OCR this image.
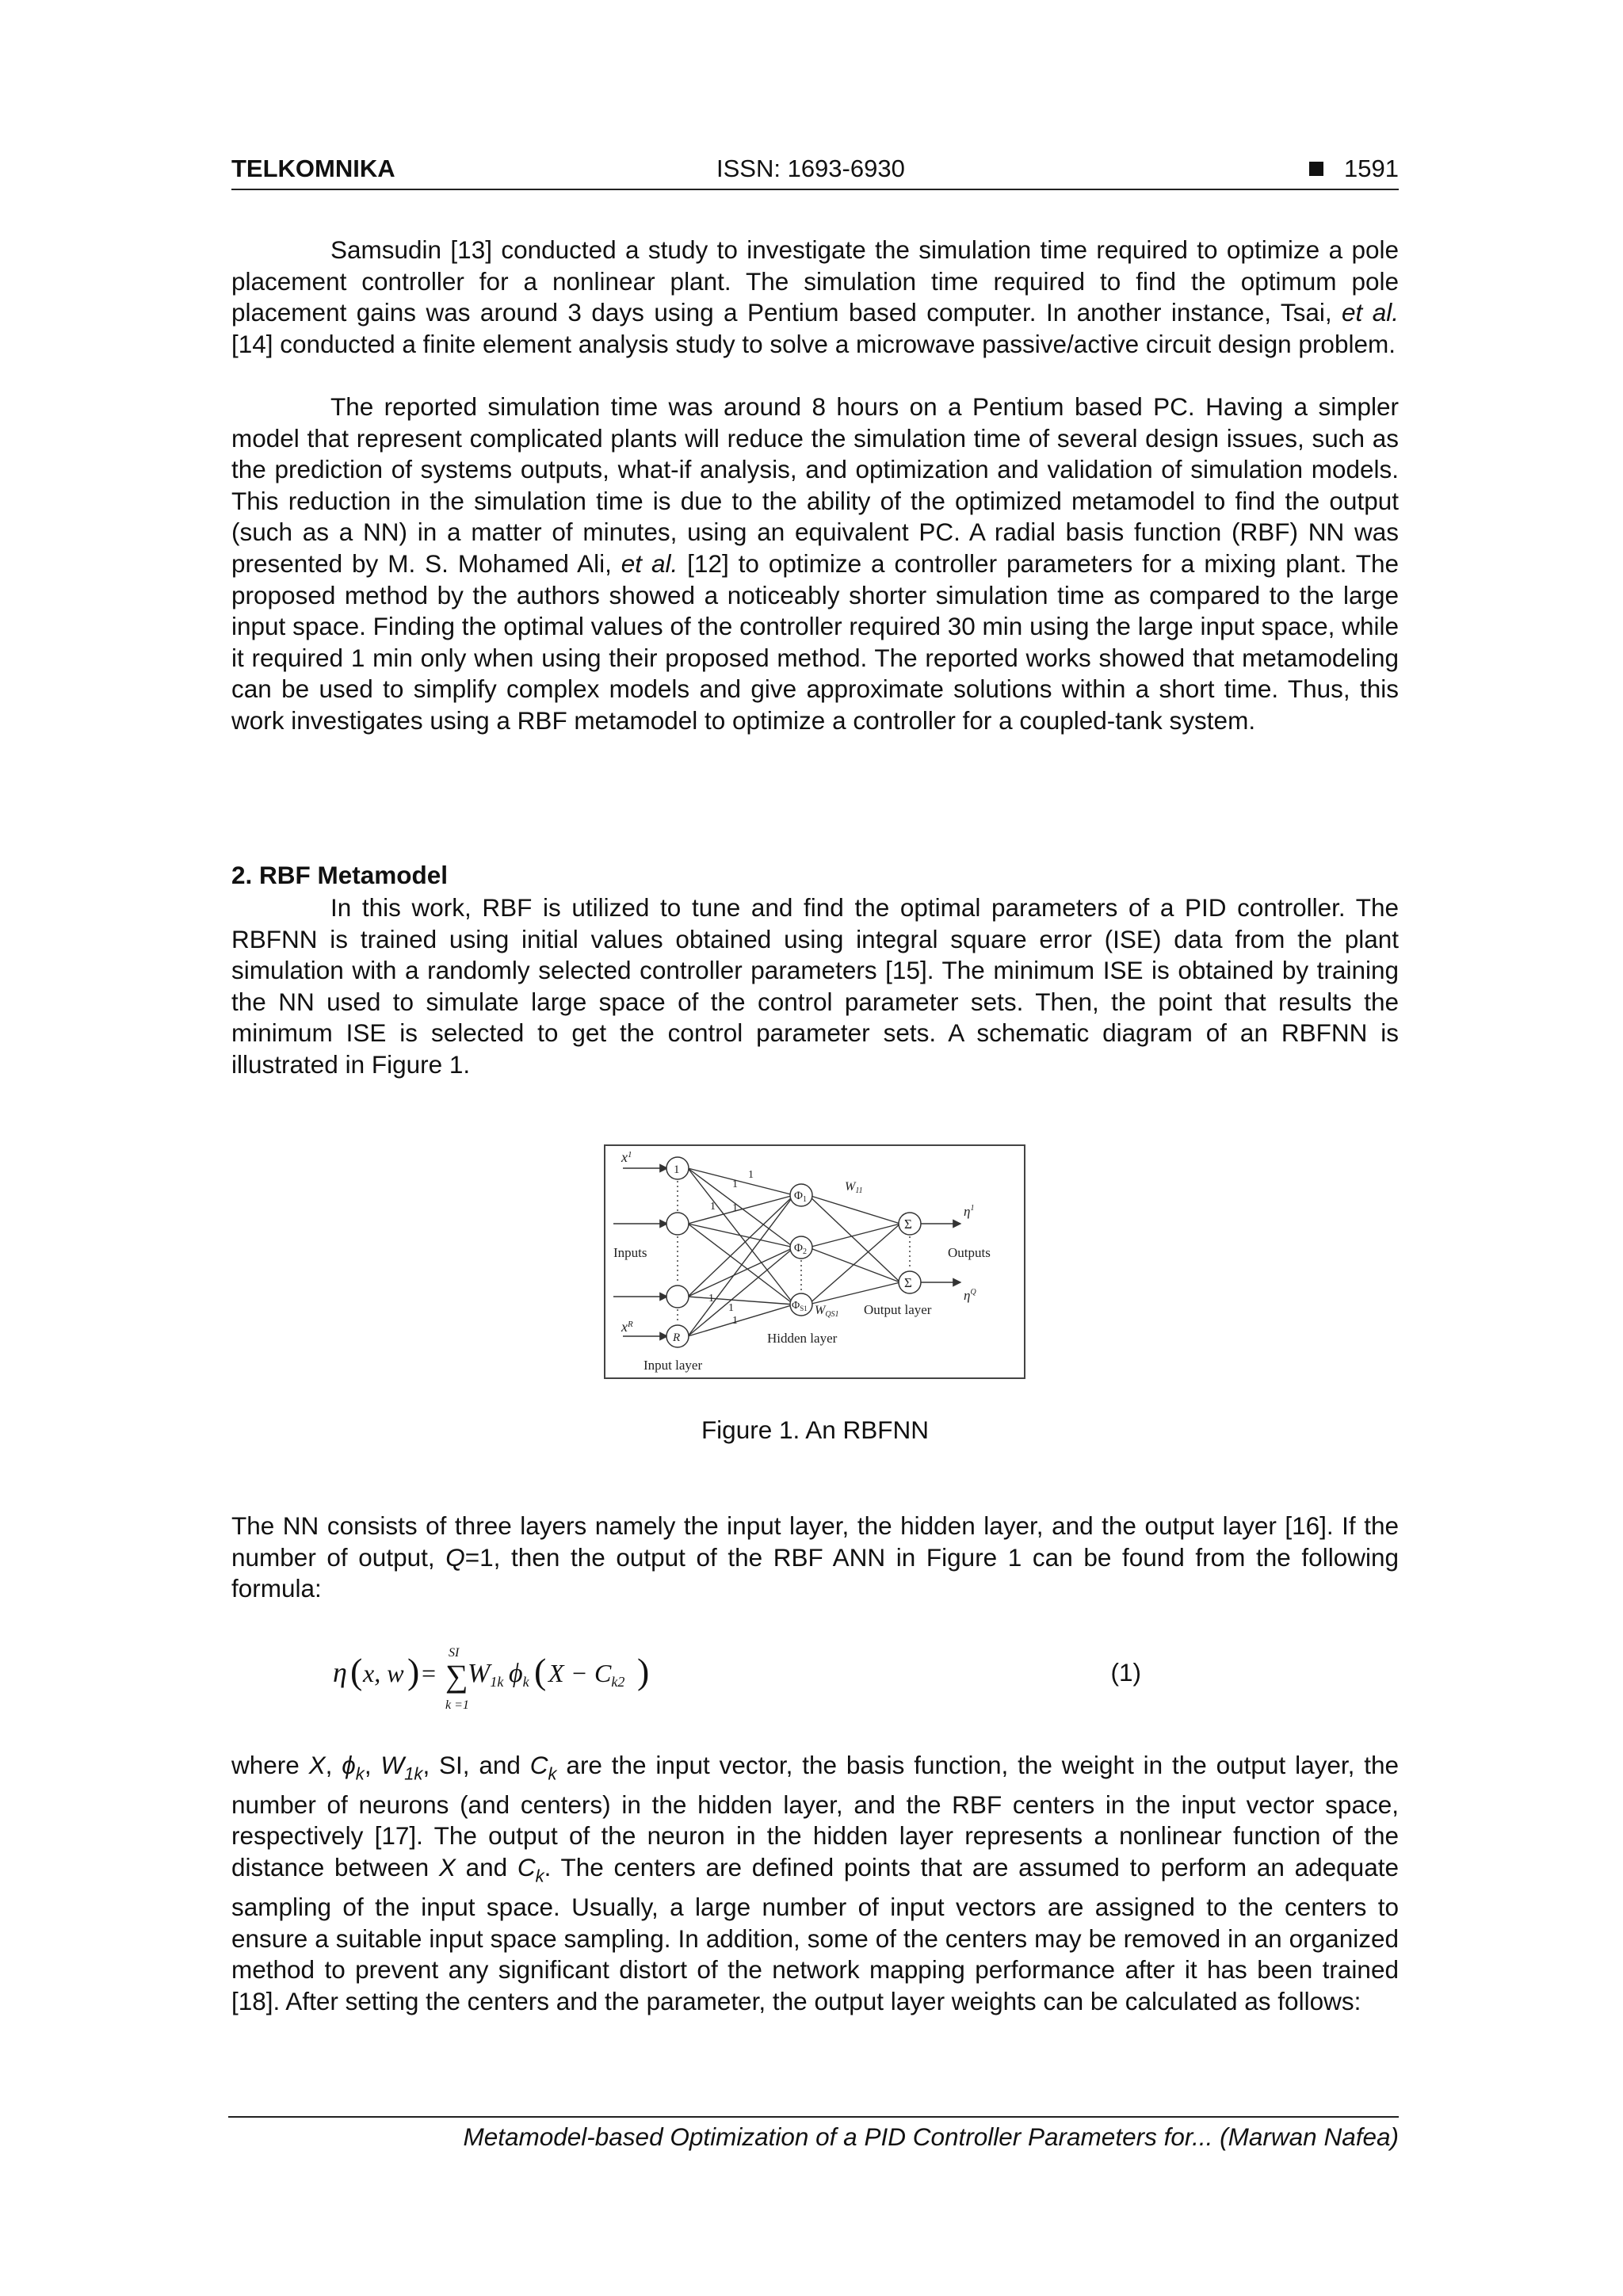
TELKOMNIKA	ISSN: 1693-6930	1591

Samsudin [13] conducted a study to investigate the simulation time required to optimize a pole placement controller for a nonlinear plant. The simulation time required to find the optimum pole placement gains was around 3 days using a Pentium based computer. In another instance, Tsai, et al. [14] conducted a finite element analysis study to solve a microwave passive/active circuit design problem.

The reported simulation time was around 8 hours on a Pentium based PC. Having a simpler model that represent complicated plants will reduce the simulation time of several design issues, such as the prediction of systems outputs, what-if analysis, and optimization and validation of simulation models. This reduction in the simulation time is due to the ability of the optimized metamodel to find the output (such as a NN) in a matter of minutes, using an equivalent PC. A radial basis function (RBF) NN was presented by M. S. Mohamed Ali, et al. [12] to optimize a controller parameters for a mixing plant. The proposed method by the authors showed a noticeably shorter simulation time as compared to the large input space. Finding the optimal values of the controller required 30 min using the large input space, while it required 1 min only when using their proposed method. The reported works showed that metamodeling can be used to simplify complex models and give approximate solutions within a short time. Thus, this work investigates using a RBF metamodel to optimize a controller for a coupled-tank system.

2. RBF Metamodel

In this work, RBF is utilized to tune and find the optimal parameters of a PID controller. The RBFNN is trained using initial values obtained using integral square error (ISE) data from the plant simulation with a randomly selected controller parameters [15]. The minimum ISE is obtained by training the NN used to simulate large space of the control parameter sets. Then, the point that results the minimum ISE is selected to get the control parameter sets. A schematic diagram of an RBFNN is illustrated in Figure 1.

$x^1$
$x^R$
1
R
Inputs	Outputs
Input layer
Hidden layer
Output layer
$\Phi_1$
$\Phi_2$
$\Phi_{S1}$
W11
WQS1
Σ
Σ
$\eta^1$
$\eta^Q$
1
1
1 1
1
1
1
Figure 1. An RBFNN

The NN consists of three layers namely the input layer, the hidden layer, and the output layer [16]. If the number of output, Q=1, then the output of the RBF ANN in Figure 1 can be found from the following formula:

η ( x, w ) =
SI
∑
k =1
W1k ϕk ( X − Ck2 )	(1)

where X, $\phi_k$, $W_{1k}$, SI, and $C_k$ are the input vector, the basis function, the weight in the output layer, the number of neurons (and centers) in the hidden layer, and the RBF centers in the input vector space, respectively [17]. The output of the neuron in the hidden layer represents a nonlinear function of the distance between X and $C_k$. The centers are defined points that are assumed to perform an adequate sampling of the input space. Usually, a large number of input vectors are assigned to the centers to ensure a suitable input space sampling. In addition, some of the centers may be removed in an organized method to prevent any significant distort of the network mapping performance after it has been trained [18]. After setting the centers and the parameter, the output layer weights can be calculated as follows:

Metamodel-based Optimization of a PID Controller Parameters for... (Marwan Nafea)
